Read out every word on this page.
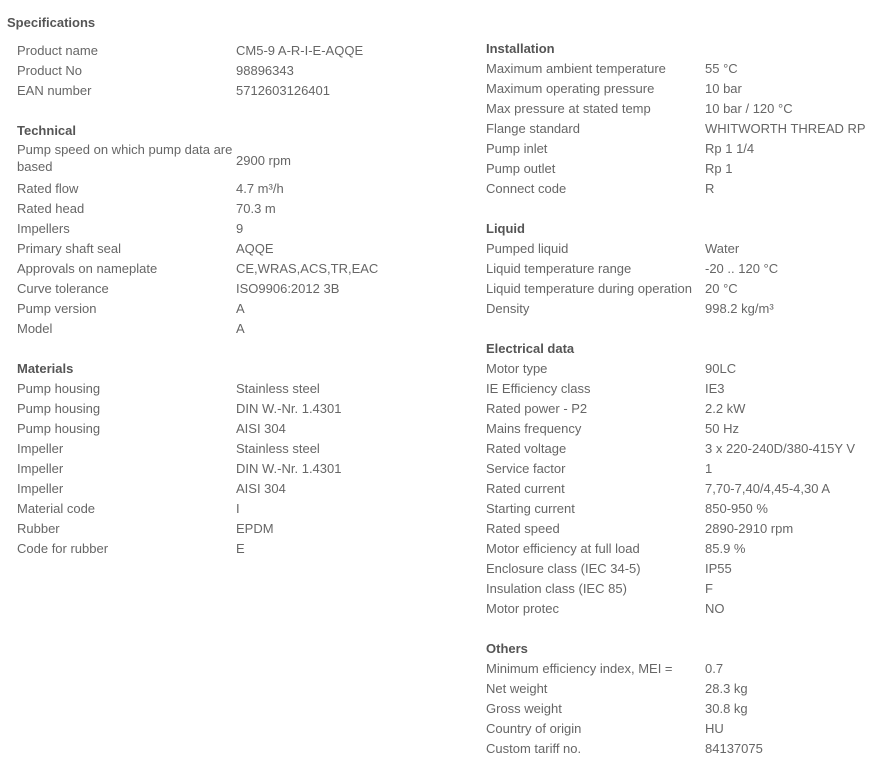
Specifications
Product name	CM5-9 A-R-I-E-AQQE
Product No	98896343
EAN number	5712603126401
Technical
Pump speed on which pump data are based	2900 rpm
Rated flow	4.7 m³/h
Rated head	70.3 m
Impellers	9
Primary shaft seal	AQQE
Approvals on nameplate	CE,WRAS,ACS,TR,EAC
Curve tolerance	ISO9906:2012 3B
Pump version	A
Model	A
Materials
Pump housing	Stainless steel
Pump housing	DIN W.-Nr. 1.4301
Pump housing	AISI 304
Impeller	Stainless steel
Impeller	DIN W.-Nr. 1.4301
Impeller	AISI 304
Material code	I
Rubber	EPDM
Code for rubber	E
Installation
Maximum ambient temperature	55 °C
Maximum operating pressure	10 bar
Max pressure at stated temp	10 bar / 120 °C
Flange standard	WHITWORTH THREAD RP
Pump inlet	Rp 1 1/4
Pump outlet	Rp 1
Connect code	R
Liquid
Pumped liquid	Water
Liquid temperature range	-20 .. 120 °C
Liquid temperature during operation	20 °C
Density	998.2 kg/m³
Electrical data
Motor type	90LC
IE Efficiency class	IE3
Rated power - P2	2.2 kW
Mains frequency	50 Hz
Rated voltage	3 x 220-240D/380-415Y V
Service factor	1
Rated current	7,70-7,40/4,45-4,30 A
Starting current	850-950 %
Rated speed	2890-2910 rpm
Motor efficiency at full load	85.9 %
Enclosure class (IEC 34-5)	IP55
Insulation class (IEC 85)	F
Motor protec	NO
Others
Minimum efficiency index, MEI =	0.7
Net weight	28.3 kg
Gross weight	30.8 kg
Country of origin	HU
Custom tariff no.	84137075
